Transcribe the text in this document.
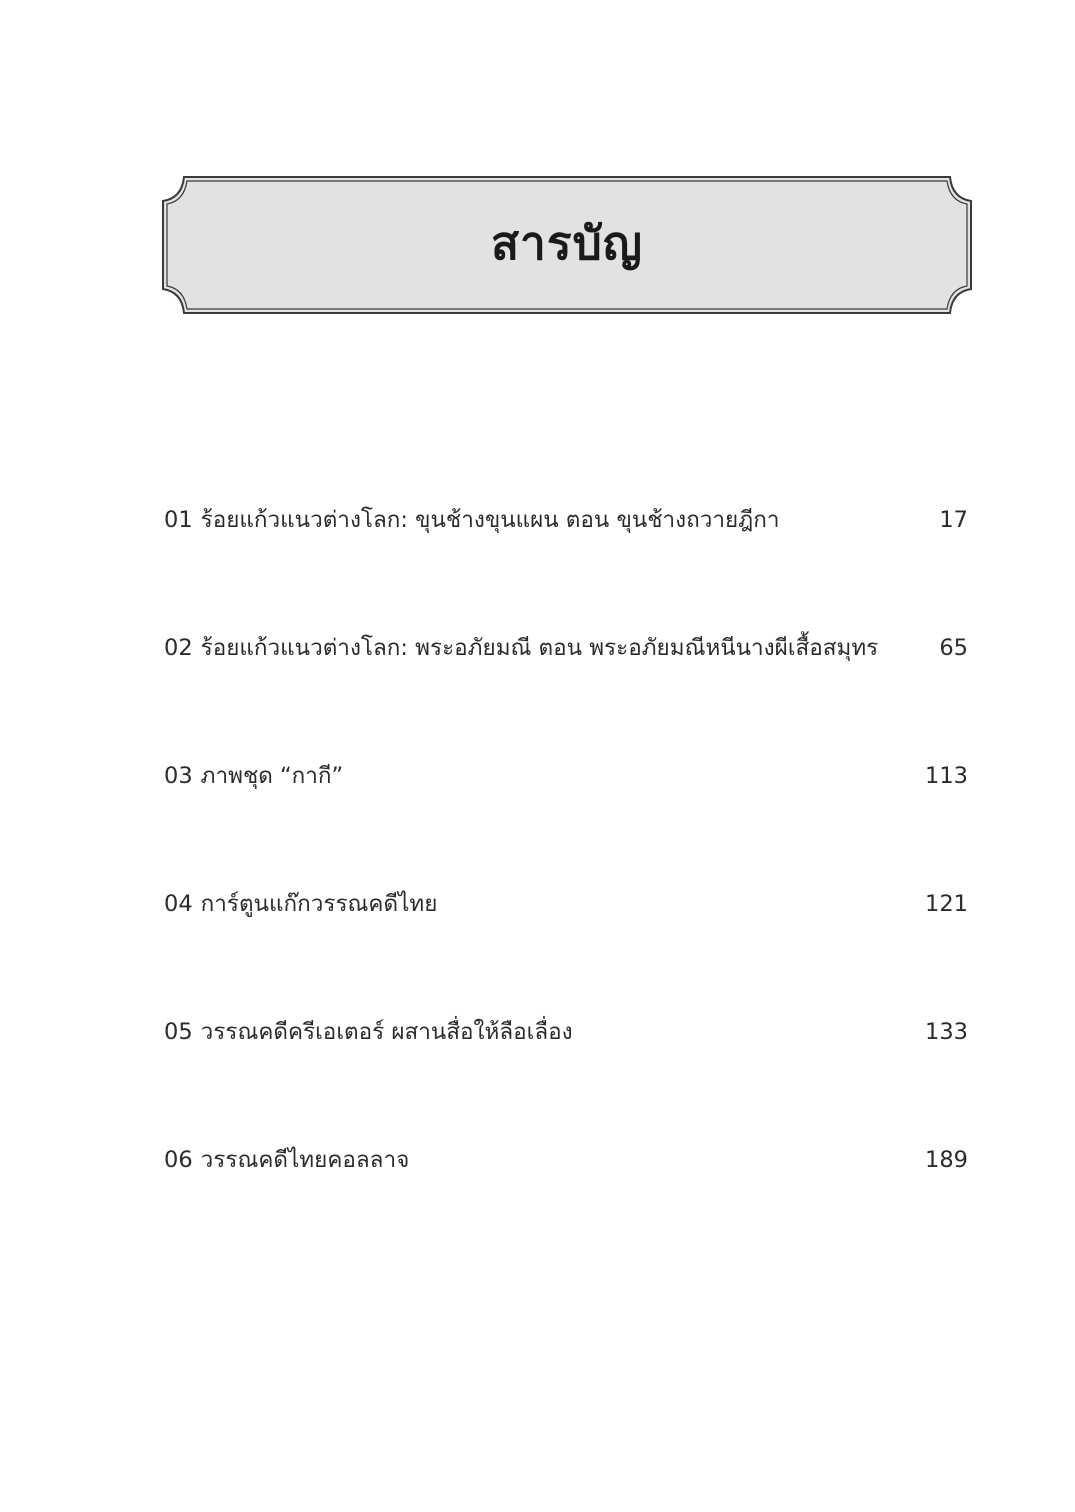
สารบัญ
01 ร้อยแก้วแนวต่างโลก: ขุนช้างขุนแผน ตอน ขุนช้างถวายฎีกา	17
02 ร้อยแก้วแนวต่างโลก: พระอภัยมณี ตอน พระอภัยมณีหนีนางผีเสื้อสมุทร	65
03 ภาพชุด “กากี”	113
04 การ์ตูนแก๊กวรรณคดีไทย	121
05 วรรณคดีครีเอเตอร์ ผสานสื่อให้ลือเลื่อง	133
06 วรรณคดีไทยคอลลาจ	189
